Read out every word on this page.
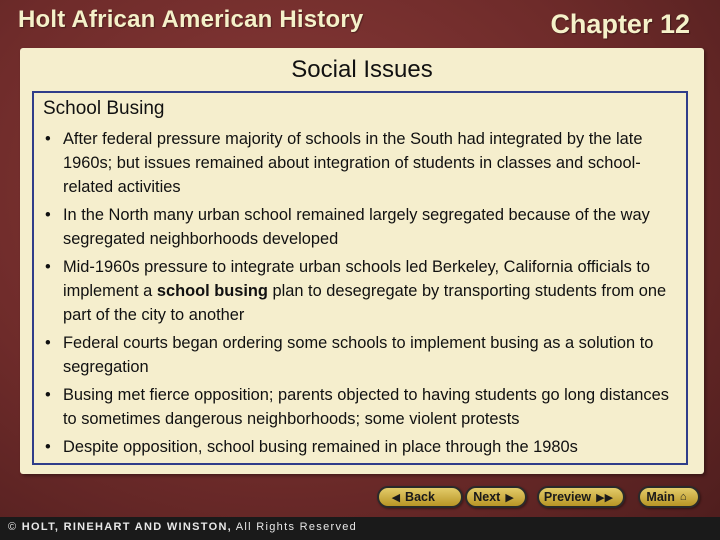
Holt African American History	Chapter 12
Social Issues
School Busing
• After federal pressure majority of schools in the South had integrated by the late 1960s; but issues remained about integration of students in classes and school-related activities
• In the North many urban school remained largely segregated because of the way segregated neighborhoods developed
• Mid-1960s pressure to integrate urban schools led Berkeley, California officials to implement a school busing plan to desegregate by transporting students from one part of the city to another
• Federal courts began ordering some schools to implement busing as a solution to segregation
• Busing met fierce opposition; parents objected to having students go long distances to sometimes dangerous neighborhoods; some violent protests
• Despite opposition, school busing remained in place through the 1980s
◀ Back	Next ▶ Preview ▶▶	Main ⌂
© HOLT, RINEHART AND WINSTON, All Rights Reserved
